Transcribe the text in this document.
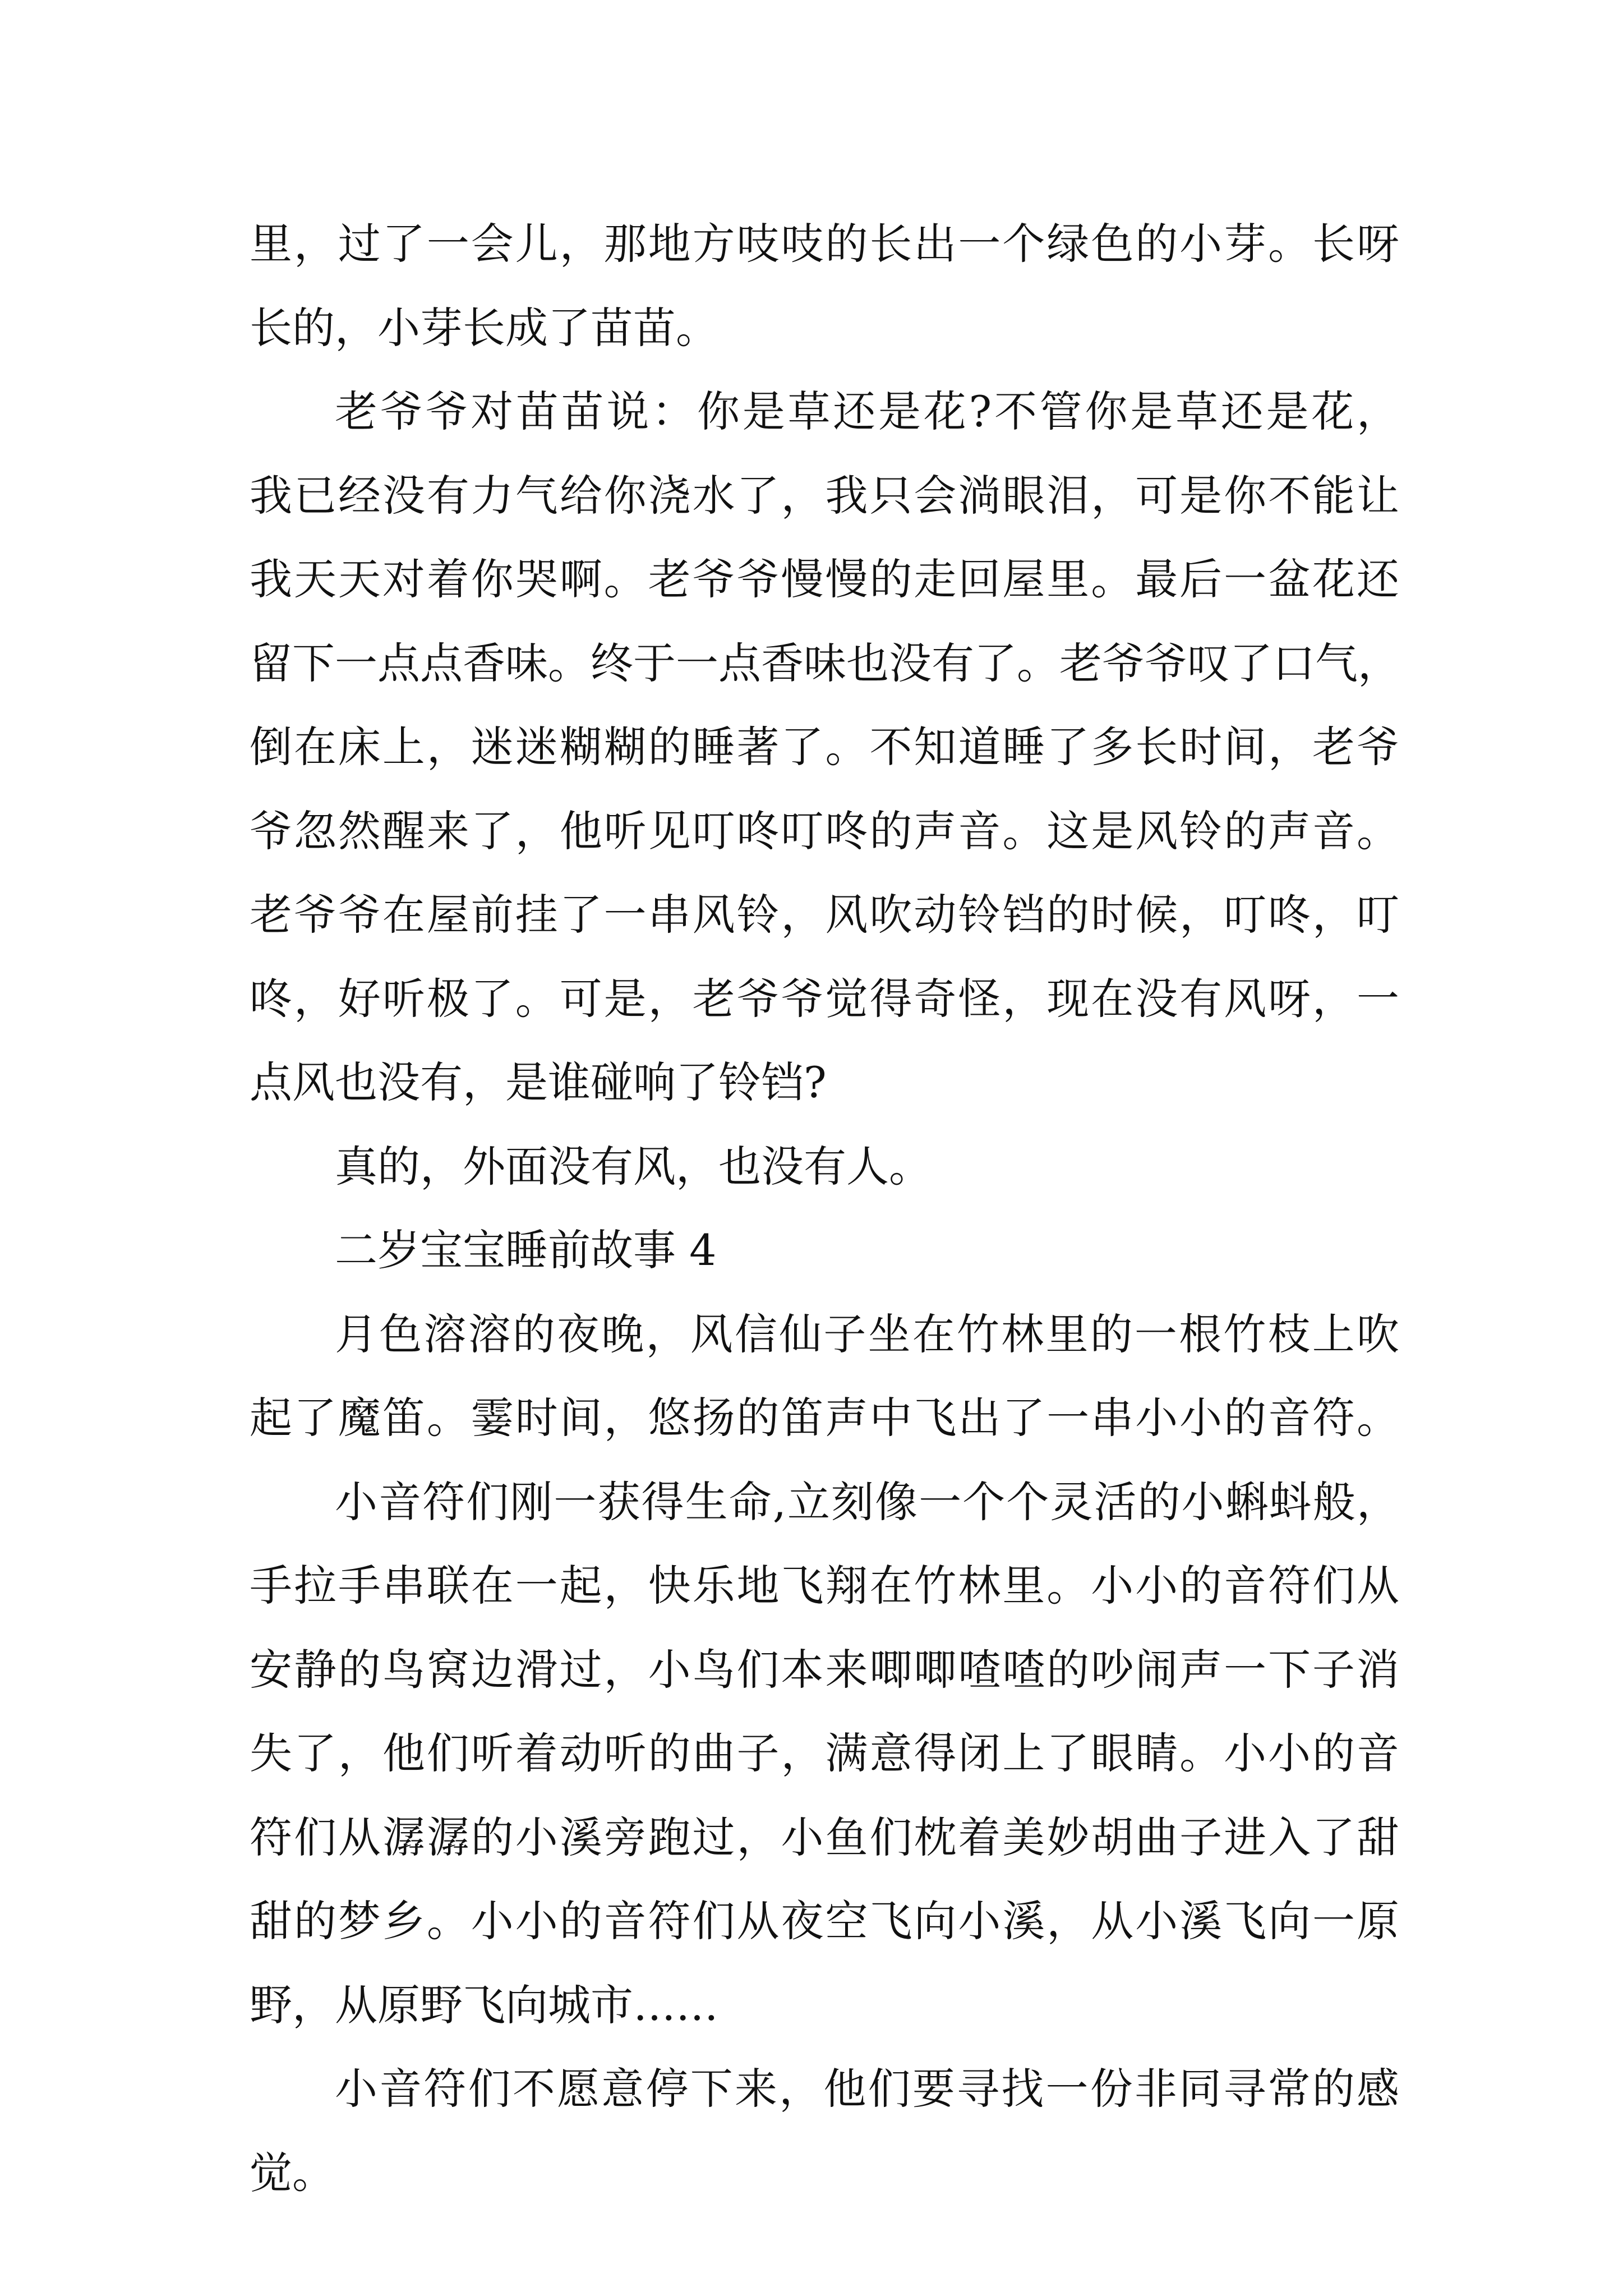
里，过了一会儿，那地方吱吱的长出一个绿色的小芽。长呀
长的，小芽长成了苗苗。
老爷爷对苗苗说：你是草还是花?不管你是草还是花，
我已经没有力气给你浇水了，我只会淌眼泪，可是你不能让
我天天对着你哭啊。老爷爷慢慢的走回屋里。最后一盆花还
留下一点点香味。终于一点香味也没有了。老爷爷叹了口气，
倒在床上，迷迷糊糊的睡著了。不知道睡了多长时间，老爷
爷忽然醒来了，他听见叮咚叮咚的声音。这是风铃的声音。
老爷爷在屋前挂了一串风铃，风吹动铃铛的时候，叮咚，叮
咚，好听极了。可是，老爷爷觉得奇怪，现在没有风呀，一
点风也没有，是谁碰响了铃铛?
真的，外面没有风，也没有人。
二岁宝宝睡前故事 4
月色溶溶的夜晚，风信仙子坐在竹林里的一根竹枝上吹
起了魔笛。霎时间，悠扬的笛声中飞出了一串小小的音符。
小音符们刚一获得生命,立刻像一个个灵活的小蝌蚪般，
手拉手串联在一起，快乐地飞翔在竹林里。小小的音符们从
安静的鸟窝边滑过，小鸟们本来唧唧喳喳的吵闹声一下子消
失了，他们听着动听的曲子，满意得闭上了眼睛。小小的音
符们从潺潺的小溪旁跑过，小鱼们枕着美妙胡曲子进入了甜
甜的梦乡。小小的音符们从夜空飞向小溪，从小溪飞向一原
野，从原野飞向城市……
小音符们不愿意停下来，他们要寻找一份非同寻常的感
觉。
